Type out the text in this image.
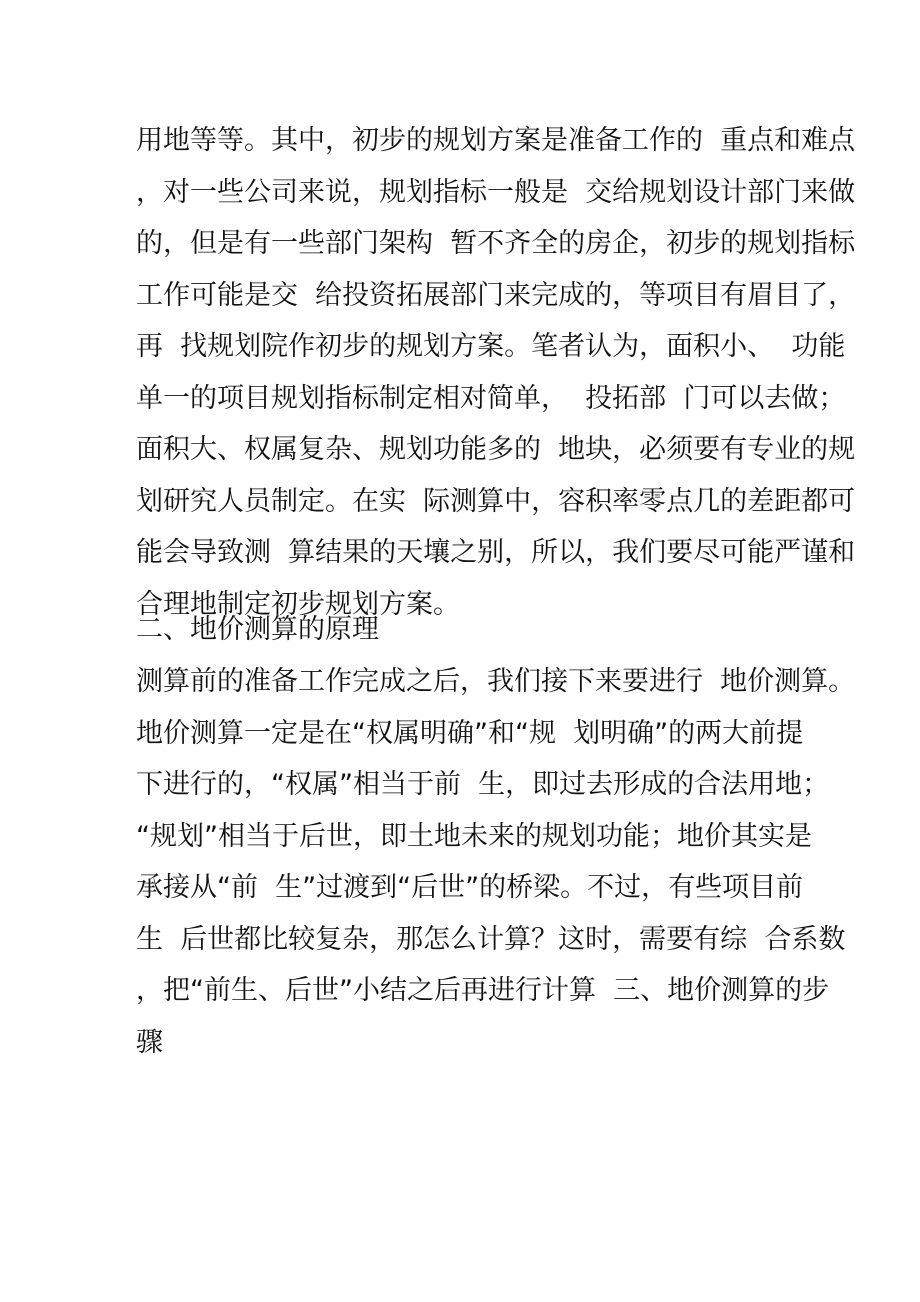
用地等等。其中，初步的规划方案是准备工作的  重点和难点
，对一些公司来说，规划指标一般是  交给规划设计部门来做
的，但是有一些部门架构  暂不齐全的房企，初步的规划指标
工作可能是交  给投资拓展部门来完成的，等项目有眉目了，
再  找规划院作初步的规划方案。笔者认为，面积小、  功能
单一的项目规划指标制定相对简单，  投拓部  门可以去做；
面积大、权属复杂、规划功能多的  地块，必须要有专业的规
划研究人员制定。在实  际测算中，容积率零点几的差距都可
能会导致测  算结果的天壤之别，所以，我们要尽可能严谨和
合理地制定初步规划方案。
二、地价测算的原理
测算前的准备工作完成之后，我们接下来要进行  地价测算。
地价测算一定是在“权属明确”和“规  划明确”的两大前提
下进行的，“权属”相当于前  生，即过去形成的合法用地；
“规划”相当于后世，即土地未来的规划功能；地价其实是
承接从“前  生”过渡到“后世”的桥梁。不过，有些项目前
生  后世都比较复杂，那怎么计算？这时，需要有综  合系数
，把“前生、后世”小结之后再进行计算  三、地价测算的步
骤
